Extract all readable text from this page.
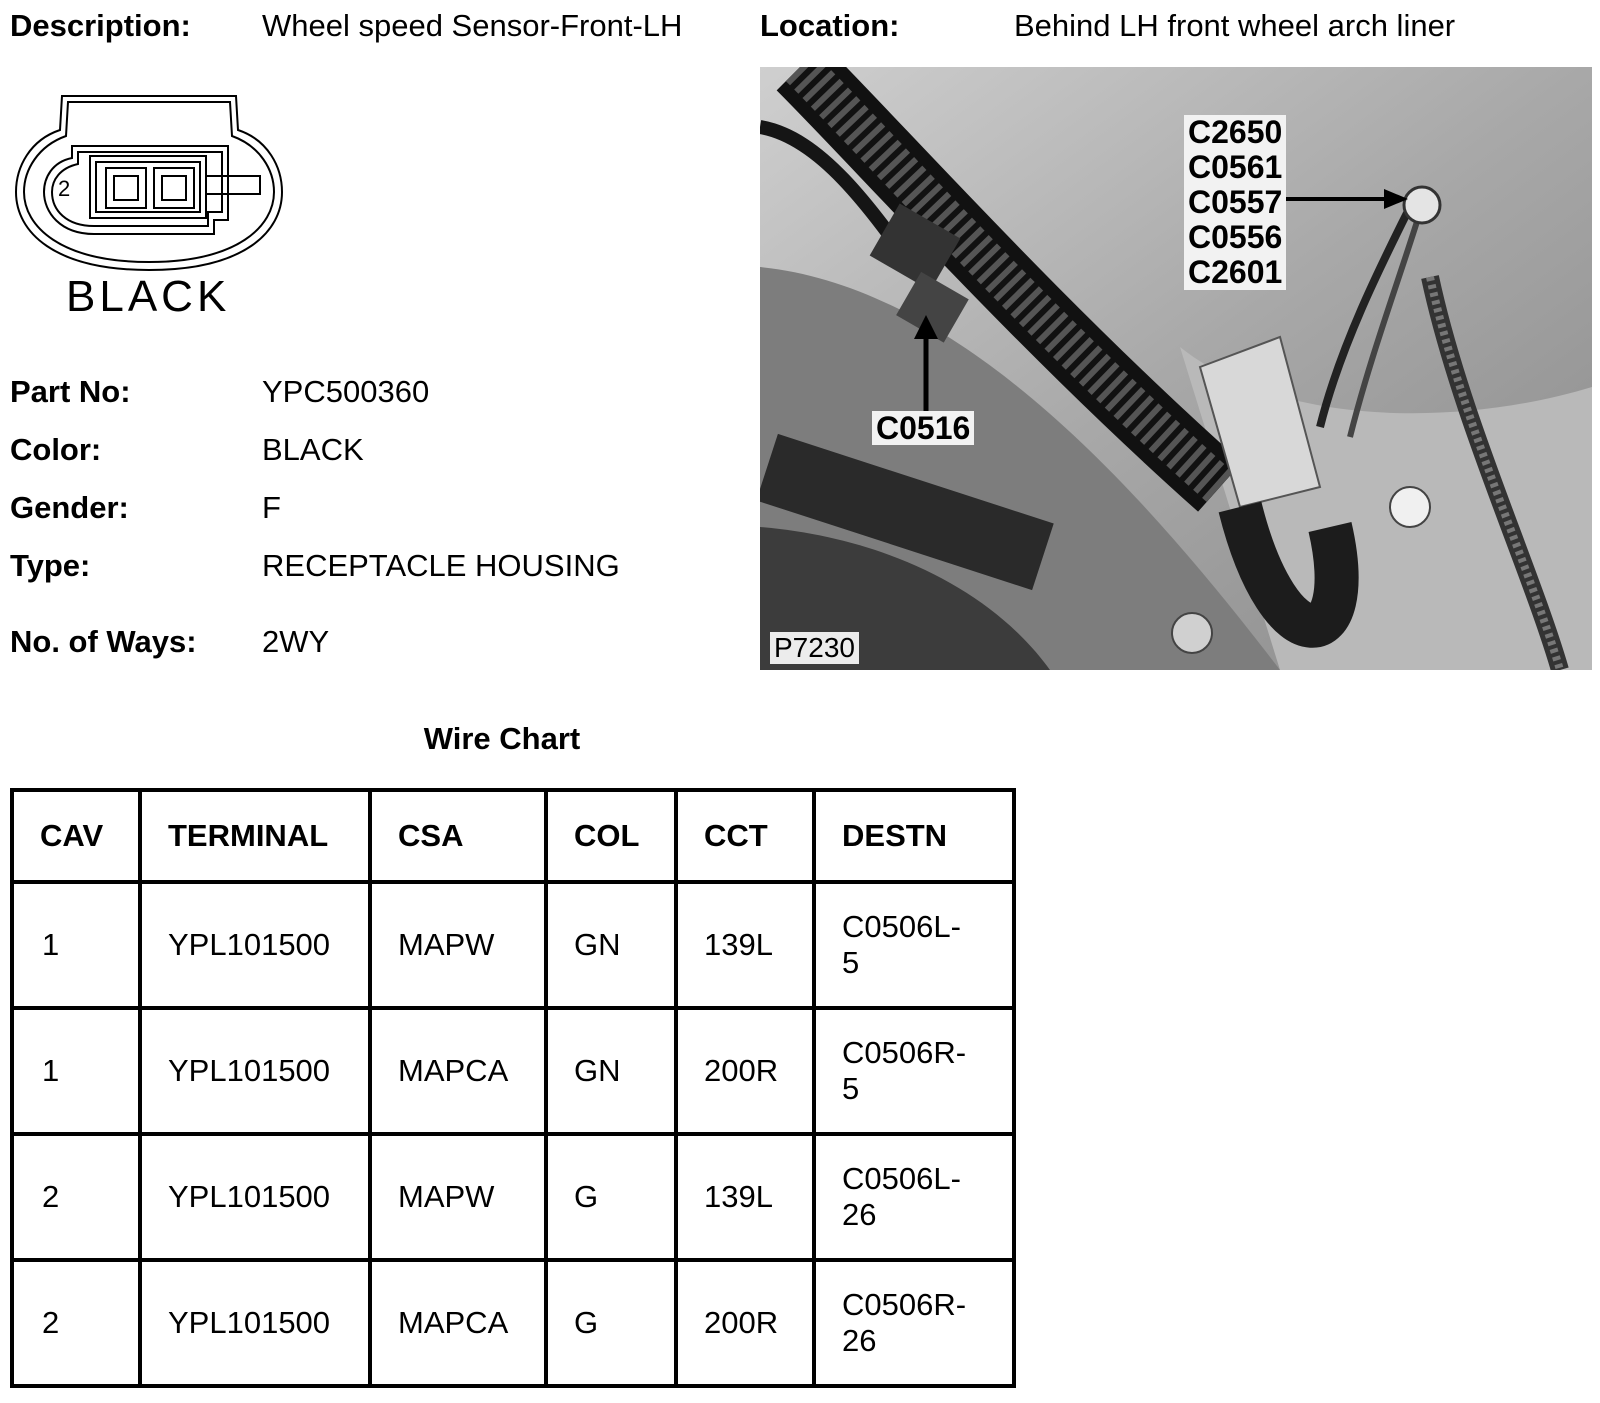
Description: Wheel speed Sensor-Front-LH	Location:	Behind LH front wheel arch liner
2
BLACK
Part No:	YPC500360
Color:	BLACK
Gender:	F
Type:	RECEPTACLE HOUSING
No. of Ways: 2WY
C0516
C2650
C0561
C0557
C0556
C2601
P7230
Wire Chart
CAV	TERMINAL	CSA	COL	CCT	DESTN
1	YPL101500	MAPW	GN	139L	C0506L-
5
1	YPL101500	MAPCA	GN	200R	C0506R-
5
2	YPL101500	MAPW	G	139L	C0506L-
26
2	YPL101500	MAPCA	G	200R	C0506R-
26
